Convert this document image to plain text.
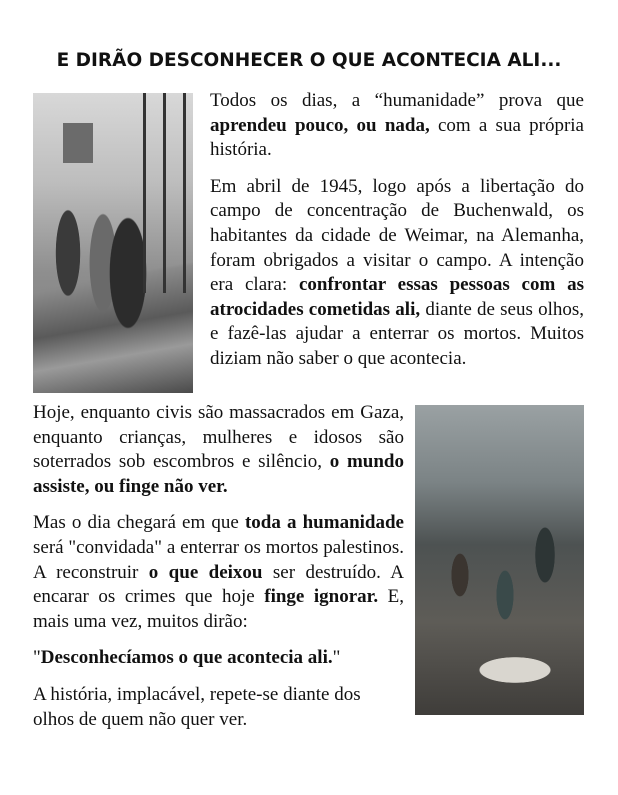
E DIRÃO DESCONHECER O QUE ACONTECIA ALI...

Todos os dias, a “humanidade” prova que aprendeu pouco, ou nada, com a sua própria história.

Em abril de 1945, logo após a libertação do campo de concentração de Buchenwald, os habitantes da cidade de Weimar, na Alemanha, foram obrigados a visitar o campo. A intenção era clara: confrontar essas pessoas com as atrocidades cometidas ali, diante de seus olhos, e fazê-las ajudar a enterrar os mortos. Muitos diziam não saber o que acontecia.

Hoje, enquanto civis são massacrados em Gaza, enquanto crianças, mulheres e idosos são soterrados sob escombros e silêncio, o mundo assiste, ou finge não ver.

Mas o dia chegará em que toda a humanidade será "convidada" a enterrar os mortos palestinos. A reconstruir o que deixou ser destruído. A encarar os crimes que hoje finge ignorar. E, mais uma vez, muitos dirão:

"Desconhecíamos o que acontecia ali."

A história, implacável, repete-se diante dos olhos de quem não quer ver.
